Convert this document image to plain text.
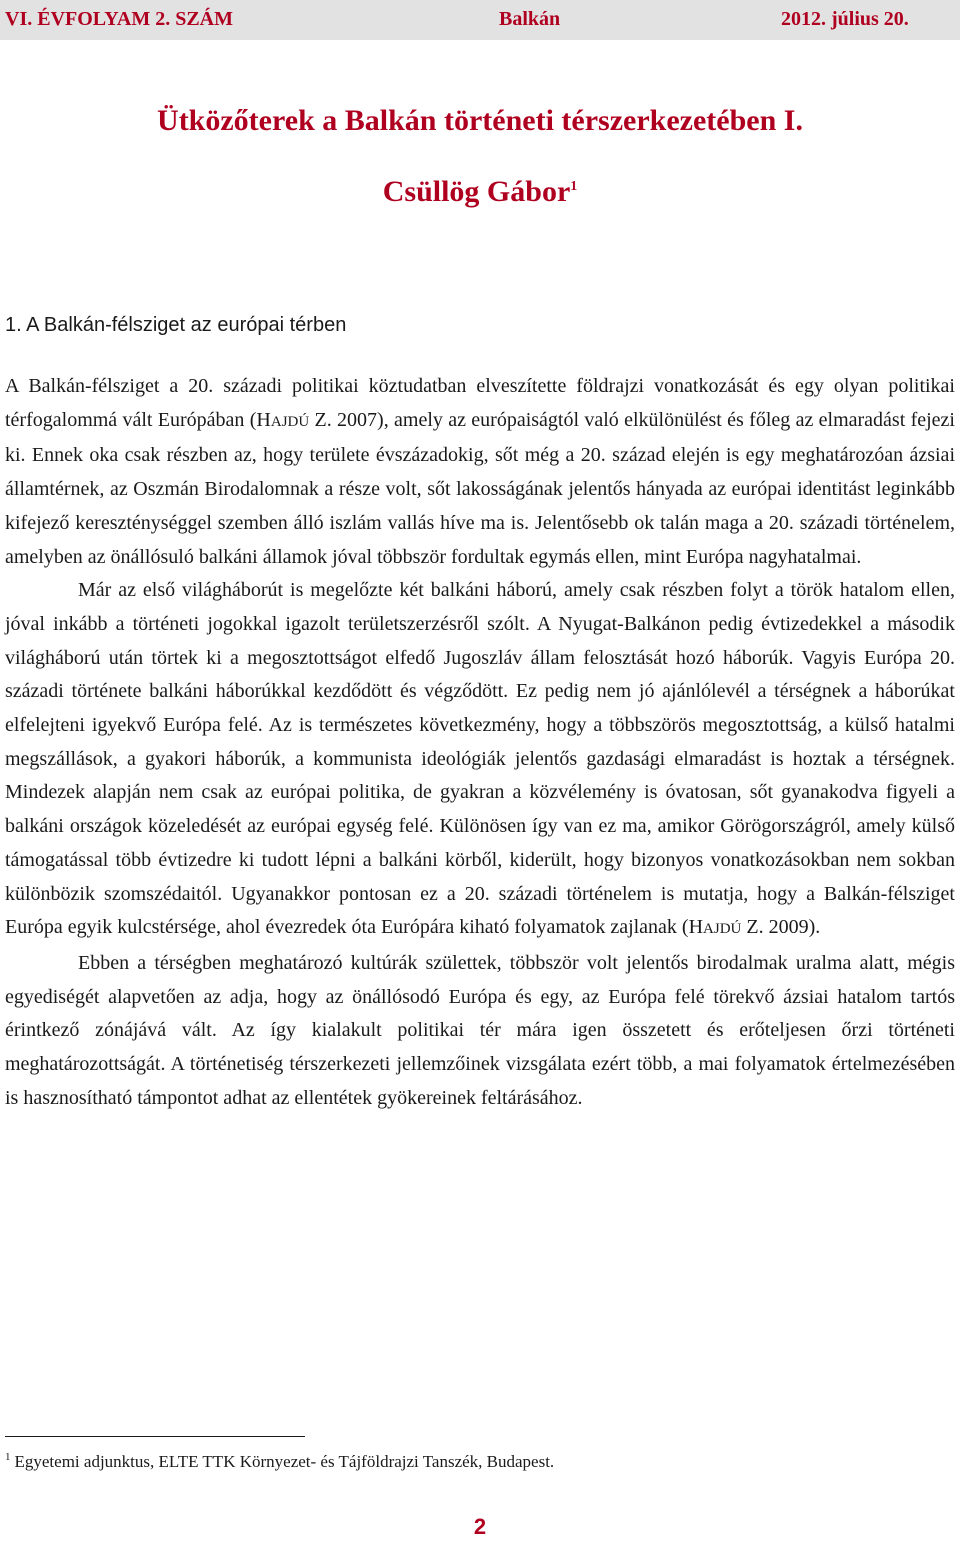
VI. ÉVFOLYAM 2. SZÁM	Balkán	2012. július 20.
Ütközőterek a Balkán történeti térszerkezetében I.
Csüllög Gábor$^1$
1. A Balkán-félsziget az európai térben

A Balkán-félsziget a 20. századi politikai köztudatban elveszítette földrajzi vonatkozását és egy olyan politikai térfogalommá vált Európában (HAJDÚ Z. 2007), amely az európaiságtól való elkülönülést és főleg az elmaradást fejezi ki. Ennek oka csak részben az, hogy területe évszázadokig, sőt még a 20. század elején is egy meghatározóan ázsiai államtérnek, az Oszmán Birodalomnak a része volt, sőt lakosságának jelentős hányada az európai identitást leginkább kifejező kereszténységgel szemben álló iszlám vallás híve ma is. Jelentősebb ok talán maga a 20. századi történelem, amelyben az önállósuló balkáni államok jóval többször fordultak egymás ellen, mint Európa nagyhatalmai.

Már az első világháborút is megelőzte két balkáni háború, amely csak részben folyt a török hatalom ellen, jóval inkább a történeti jogokkal igazolt területszerzésről szólt. A Nyugat-Balkánon pedig évtizedekkel a második világháború után törtek ki a megosztottságot elfedő Jugoszláv állam felosztását hozó háborúk. Vagyis Európa 20. századi története balkáni háborúkkal kezdődött és végződött. Ez pedig nem jó ajánlólevél a térségnek a háborúkat elfelejteni igyekvő Európa felé. Az is természetes következmény, hogy a többszörös megosztottság, a külső hatalmi megszállások, a gyakori háborúk, a kommunista ideológiák jelentős gazdasági elmaradást is hoztak a térségnek. Mindezek alapján nem csak az európai politika, de gyakran a közvélemény is óvatosan, sőt gyanakodva figyeli a balkáni országok közeledését az európai egység felé. Különösen így van ez ma, amikor Görögországról, amely külső támogatással több évtizedre ki tudott lépni a balkáni körből, kiderült, hogy bizonyos vonatkozásokban nem sokban különbözik szomszédaitól. Ugyanakkor pontosan ez a 20. századi történelem is mutatja, hogy a Balkán-félsziget Európa egyik kulcstérsége, ahol évezredek óta Európára kiható folyamatok zajlanak (HAJDÚ Z. 2009).

Ebben a térségben meghatározó kultúrák születtek, többször volt jelentős birodalmak uralma alatt, mégis egyediségét alapvetően az adja, hogy az önállósodó Európa és egy, az Európa felé törekvő ázsiai hatalom tartós érintkező zónájává vált. Az így kialakult politikai tér mára igen összetett és erőteljesen őrzi történeti meghatározottságát. A történetiség térszerkezeti jellemzőinek vizsgálata ezért több, a mai folyamatok értelmezésében is hasznosítható támpontot adhat az ellentétek gyökereinek feltárásához.

$^1$ Egyetemi adjunktus, ELTE TTK Környezet- és Tájföldrajzi Tanszék, Budapest.
2
